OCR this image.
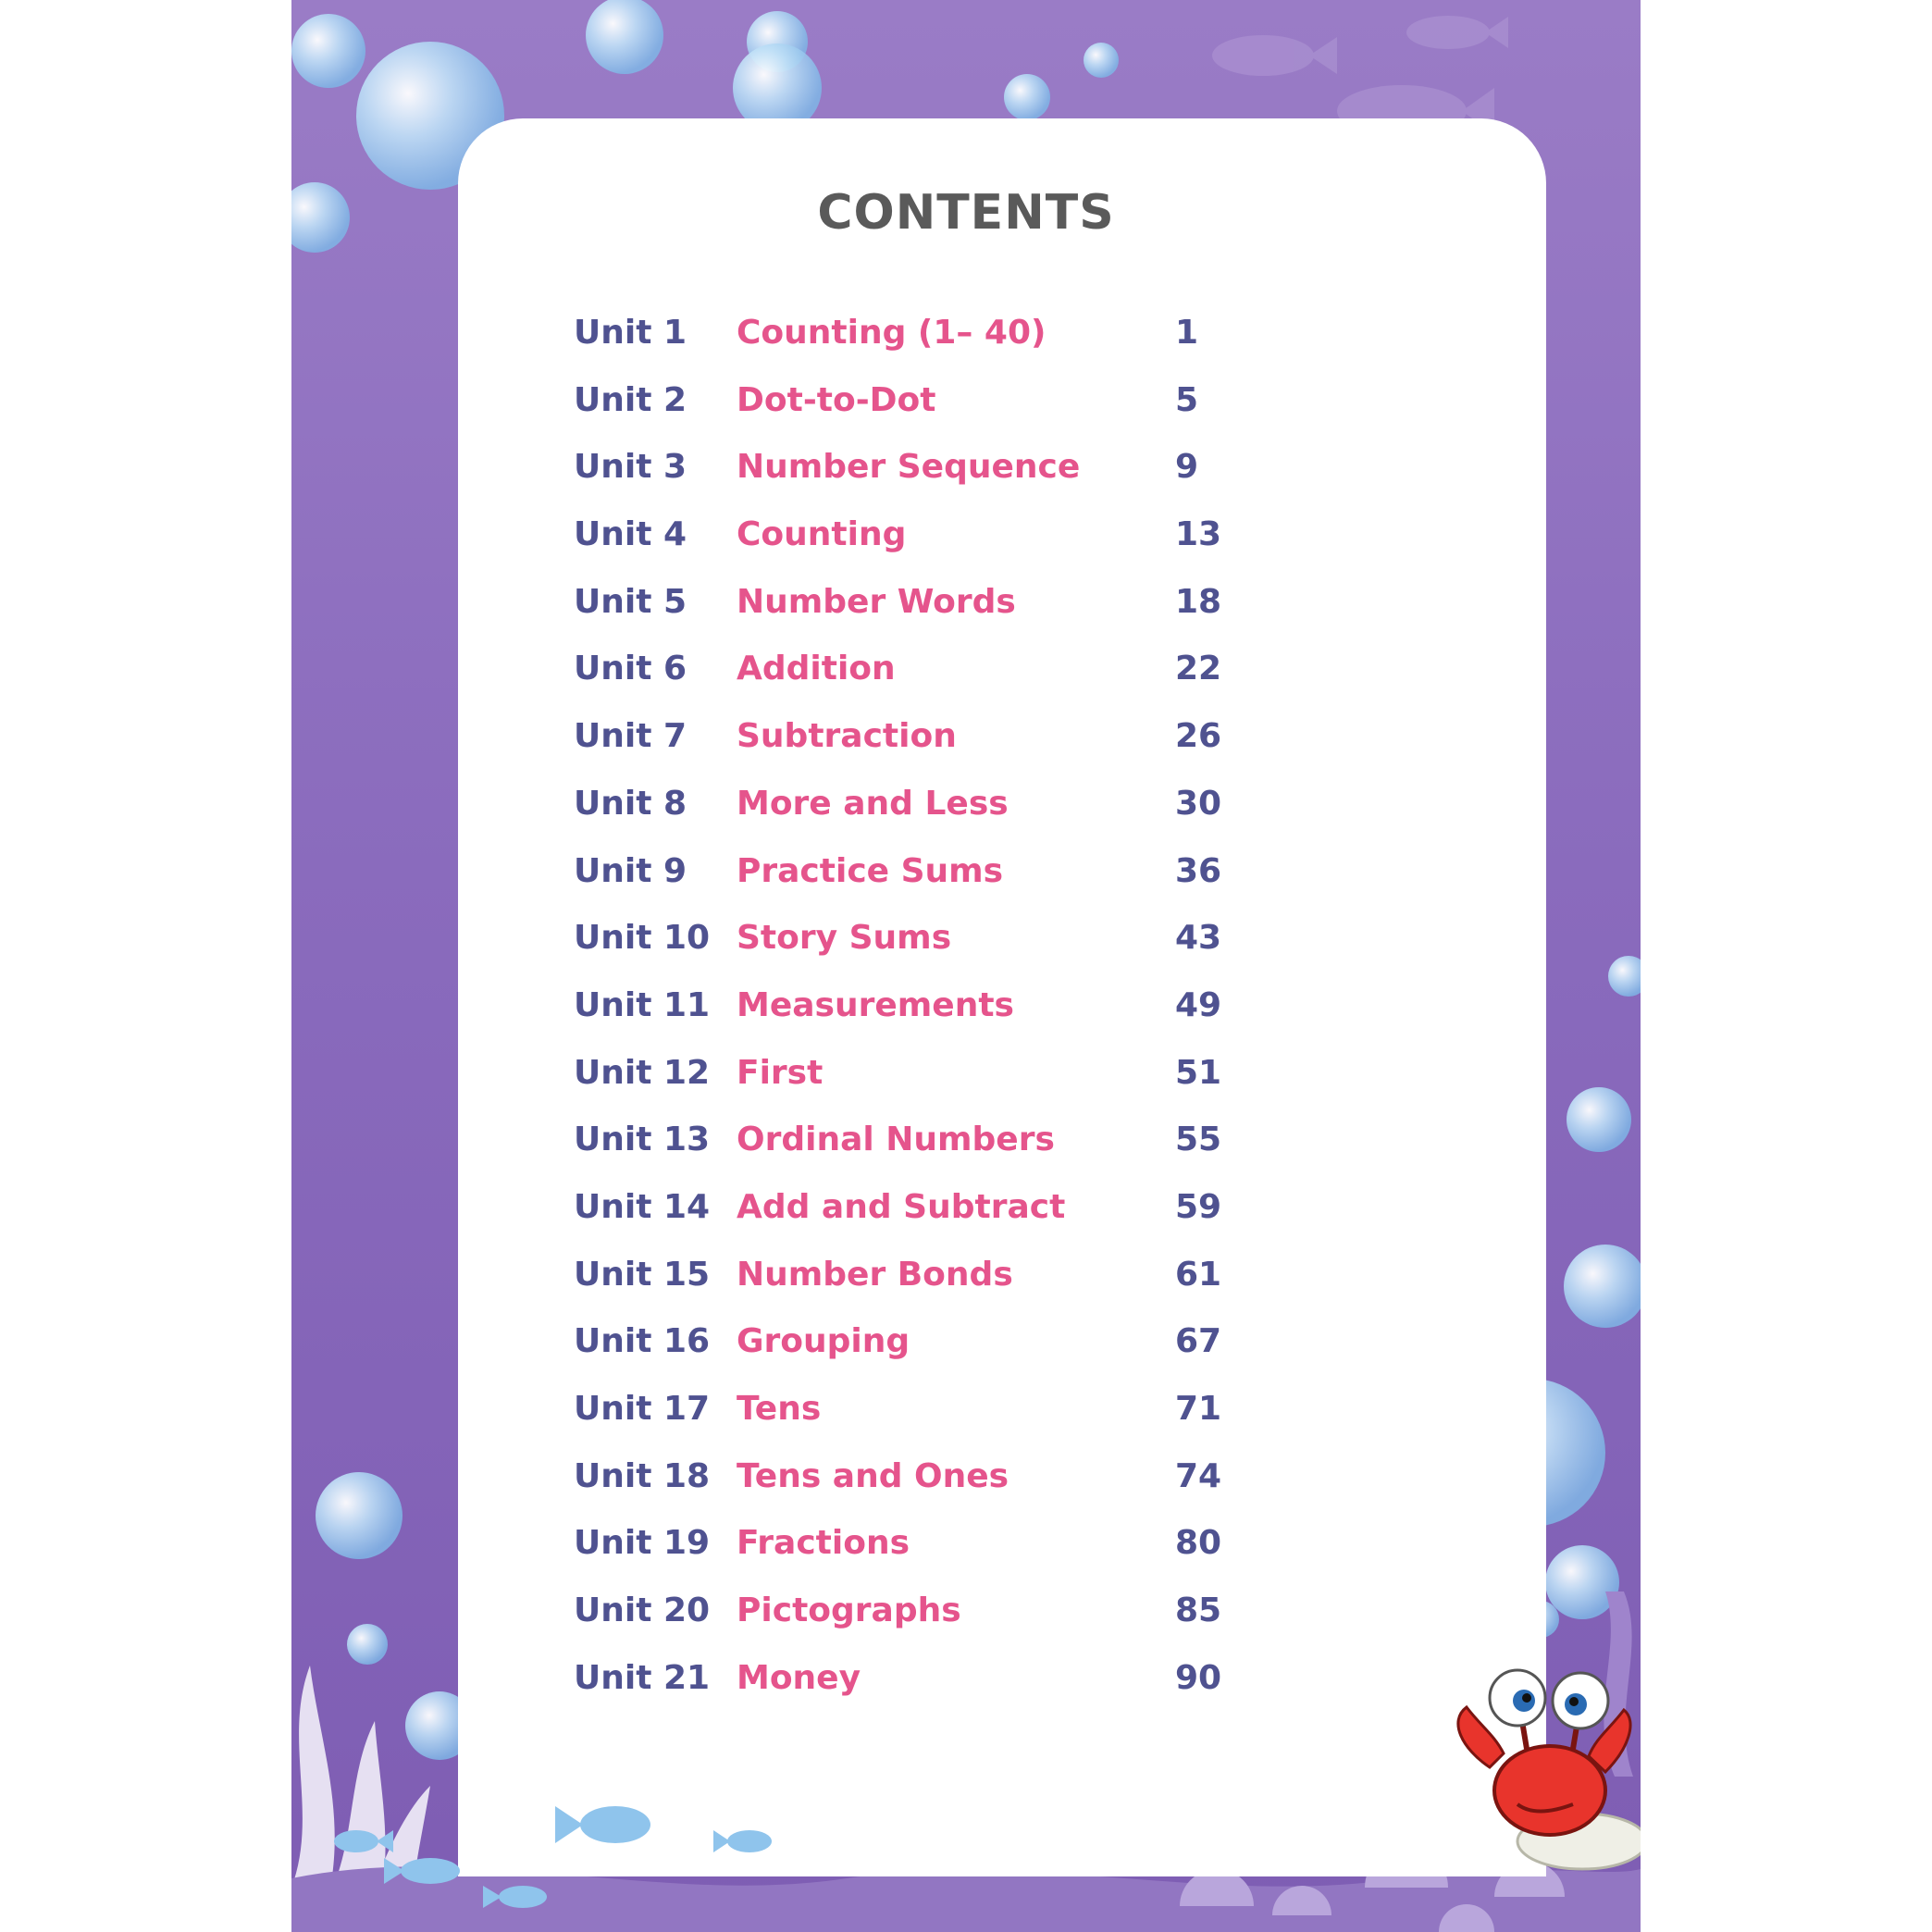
CONTENTS
Unit 1 Counting (1– 40)	1
Unit 2 Dot-to-Dot	5
Unit 3 Number Sequence	9
Unit 4 Counting	13
Unit 5 Number Words	18
Unit 6 Addition	22
Unit 7 Subtraction	26
Unit 8 More and Less	30
Unit 9 Practice Sums	36
Unit 10 Story Sums	43
Unit 11 Measurements	49
Unit 12 First	51
Unit 13 Ordinal Numbers	55
Unit 14 Add and Subtract	59
Unit 15 Number Bonds	61
Unit 16 Grouping	67
Unit 17 Tens	71
Unit 18 Tens and Ones	74
Unit 19 Fractions	80
Unit 20 Pictographs	85
Unit 21 Money	90
